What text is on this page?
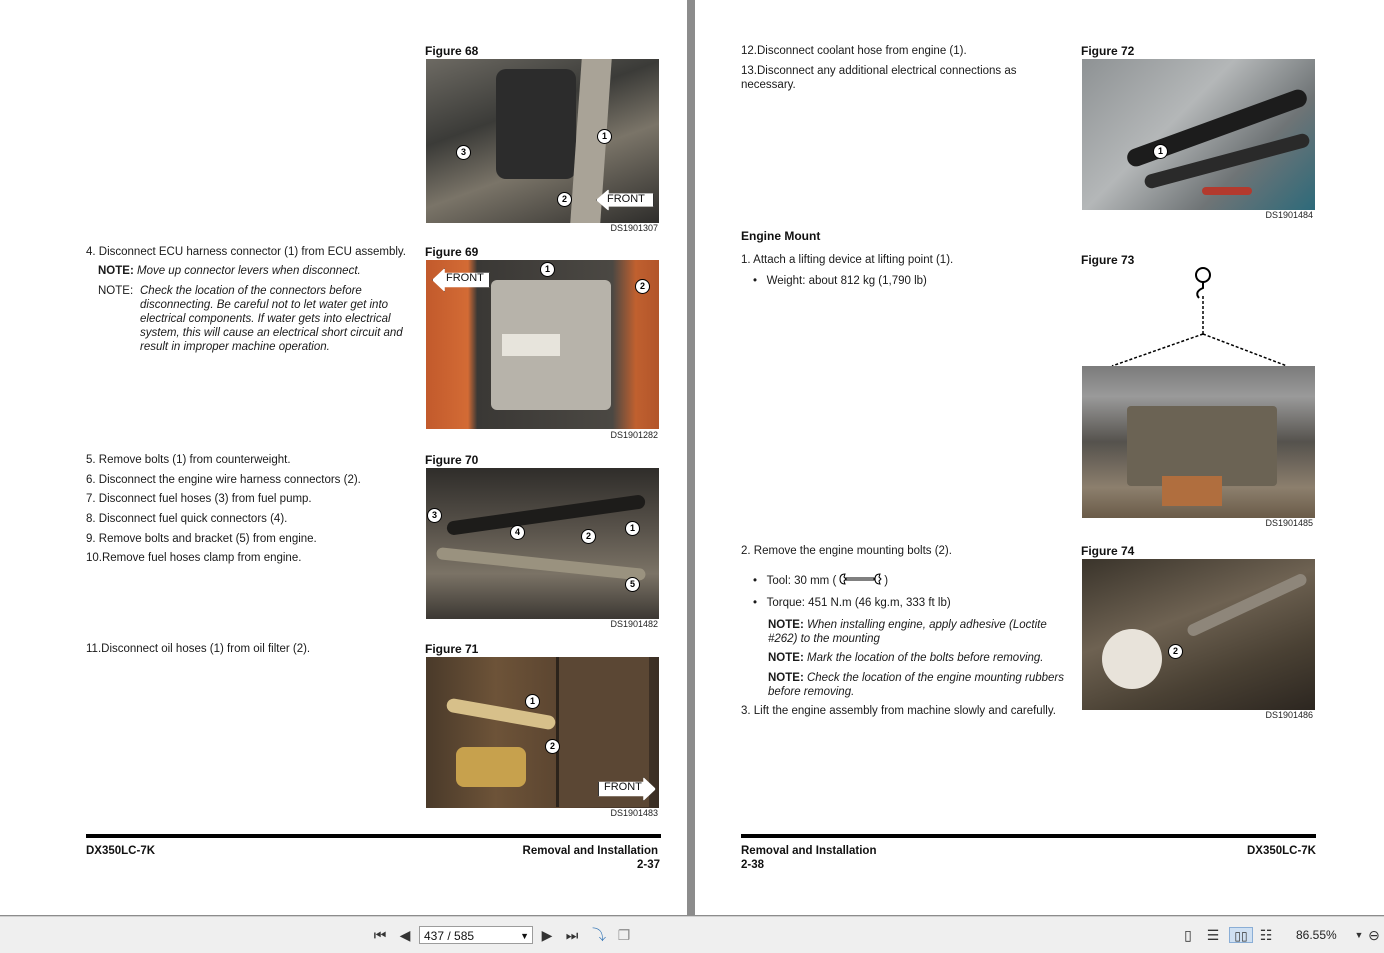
Figure 68
1
2
3
FRONT
DS1901307
4. Disconnect ECU harness connector (1) from ECU assembly.
NOTE: Move up connector levers when disconnect.
NOTE: Check the location of the connectors before disconnecting. Be careful not to let water get into electrical components. If water gets into electrical system, this will cause an electrical short circuit and result in improper machine operation.
Figure 69
1
2
FRONT
DS1901282
5. Remove bolts (1) from counterweight.
6. Disconnect the engine wire harness connectors (2).
7. Disconnect fuel hoses (3) from fuel pump.
8. Disconnect fuel quick connectors (4).
9. Remove bolts and bracket (5) from engine.
10.Remove fuel hoses clamp from engine.
Figure 70
3
4	2
1
5
DS1901482
11.Disconnect oil hoses (1) from oil filter (2).	Figure 71
1
2
FRONT
DS1901483
DX350LC-7K	Removal and Installation
2-37
12.Disconnect coolant hose from engine (1).
13.Disconnect any additional electrical connections as necessary.
Figure 72
1
DS1901484
Engine Mount
1. Attach a lifting device at lifting point (1).
•   Weight: about 812 kg (1,790 lb)
Figure 73
DS1901485
2. Remove the engine mounting bolts (2).
•   Tool: 30 mm (	)
•   Torque: 451 N.m (46 kg.m, 333 ft lb)
NOTE: When installing engine, apply adhesive (Loctite #262) to the mounting
NOTE: Mark the location of the bolts before removing.
NOTE: Check the location of the engine mounting rubbers before removing.
3. Lift the engine assembly from machine slowly and carefully.
Figure 74
2
DS1901486
Removal and Installation
2-38
DX350LC-7K
⏮ ◀	437 / 585	▼ ▶ ⏭ ⤵ ❐	▯ ☰	▯▯ ☷ 86.55% ▼ ⊖
